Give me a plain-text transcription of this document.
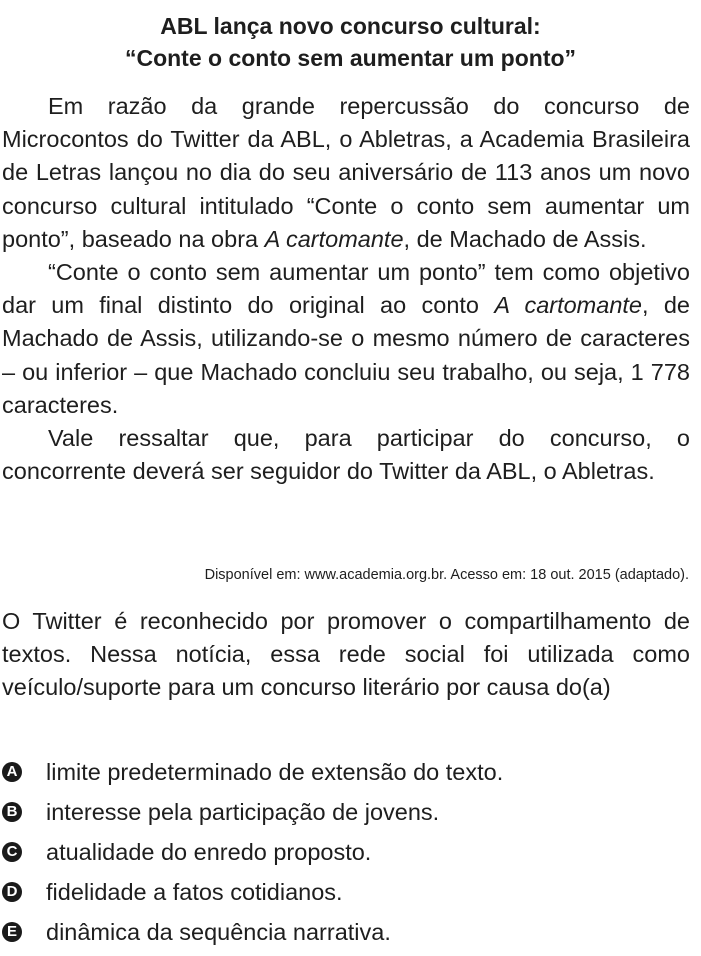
ABL lança novo concurso cultural:
“Conte o conto sem aumentar um ponto”

Em razão da grande repercussão do concurso de Microcontos do Twitter da ABL, o Abletras, a Academia Brasileira de Letras lançou no dia do seu aniversário de 113 anos um novo concurso cultural intitulado “Conte o conto sem aumentar um ponto”, baseado na obra A cartomante, de Machado de Assis.

“Conte o conto sem aumentar um ponto” tem como objetivo dar um final distinto do original ao conto A cartomante, de Machado de Assis, utilizando-se o mesmo número de caracteres – ou inferior – que Machado concluiu seu trabalho, ou seja, 1 778 caracteres.

Vale ressaltar que, para participar do concurso, o concorrente deverá ser seguidor do Twitter da ABL, o Abletras.

Disponível em: www.academia.org.br. Acesso em: 18 out. 2015 (adaptado).
O Twitter é reconhecido por promover o compartilhamento de textos. Nessa notícia, essa rede social foi utilizada como veículo/suporte para um concurso literário por causa do(a)
A limite predeterminado de extensão do texto.
B interesse pela participação de jovens.
C atualidade do enredo proposto.
D fidelidade a fatos cotidianos.
E dinâmica da sequência narrativa.
